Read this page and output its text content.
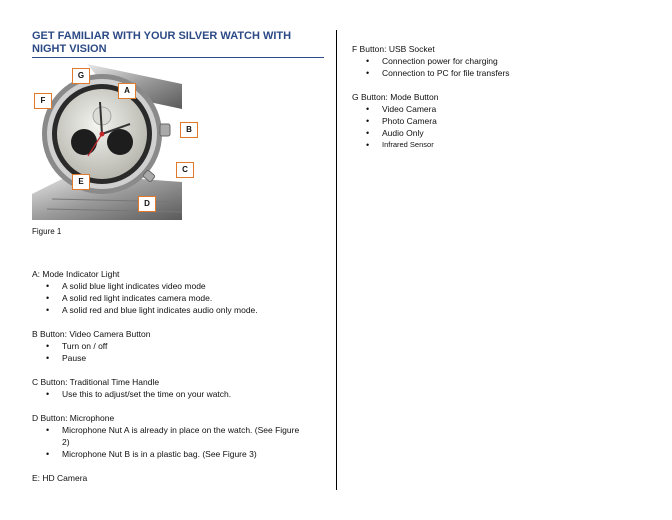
GET FAMILIAR WITH YOUR SILVER WATCH WITH NIGHT VISION
G
A
F
B
C
E
D
Figure 1
A: Mode Indicator Light
• A solid blue light indicates video mode
• A solid red light indicates camera mode.
• A solid red and blue light indicates audio only mode.
B Button: Video Camera Button
• Turn on / off
• Pause
C Button: Traditional Time Handle
• Use this to adjust/set the time on your watch.
D Button: Microphone
• Microphone Nut A is already in place on the watch. (See Figure 2)
• Microphone Nut B is in a plastic bag. (See Figure 3)
E: HD Camera
F Button: USB Socket
• Connection power for charging
• Connection to PC for file transfers
G Button: Mode Button
• Video Camera
• Photo Camera
• Audio Only
• Infrared Sensor
